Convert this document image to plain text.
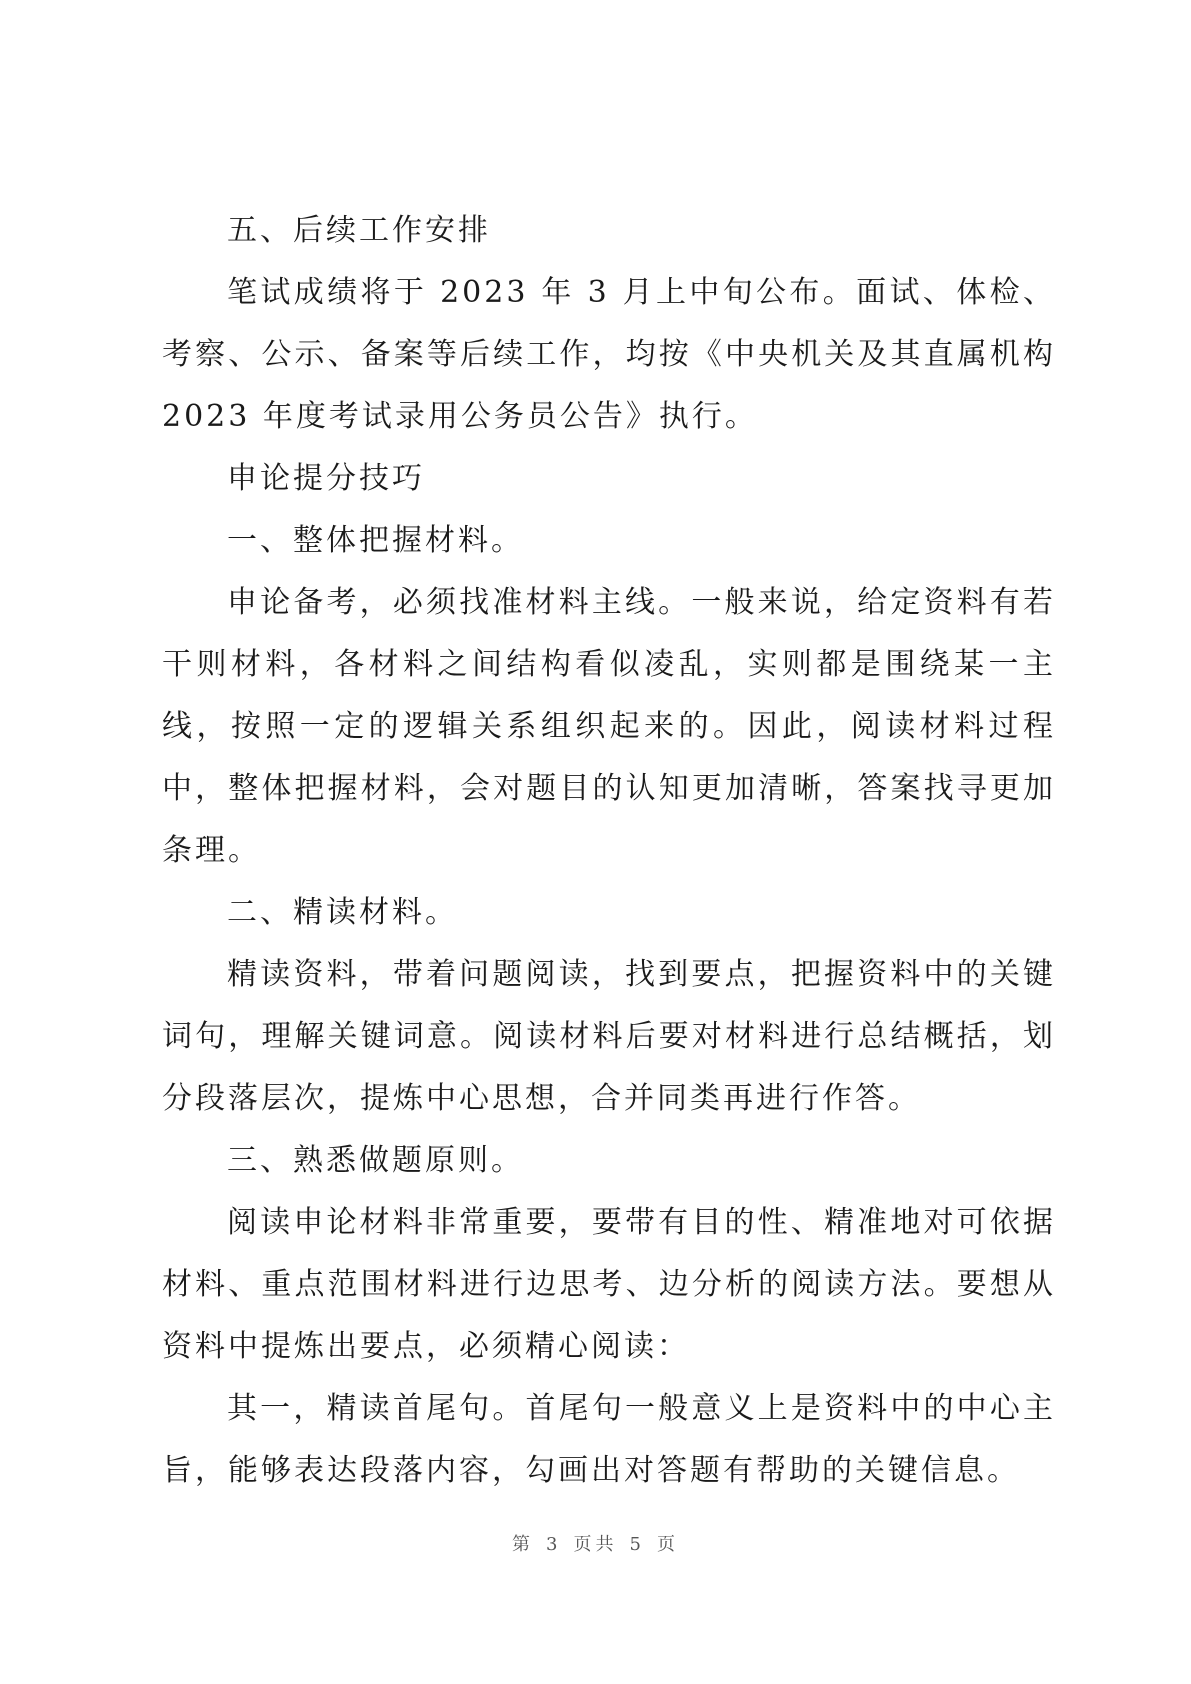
五、后续工作安排

笔试成绩将于 2023 年 3 月上中旬公布。面试、体检、考察、公示、备案等后续工作，均按《中央机关及其直属机构 2023 年度考试录用公务员公告》执行。

申论提分技巧

一、整体把握材料。

申论备考，必须找准材料主线。一般来说，给定资料有若干则材料，各材料之间结构看似凌乱，实则都是围绕某一主线，按照一定的逻辑关系组织起来的。因此，阅读材料过程中，整体把握材料，会对题目的认知更加清晰，答案找寻更加条理。

二、精读材料。

精读资料，带着问题阅读，找到要点，把握资料中的关键词句，理解关键词意。阅读材料后要对材料进行总结概括，划分段落层次，提炼中心思想，合并同类再进行作答。

三、熟悉做题原则。

阅读申论材料非常重要，要带有目的性、精准地对可依据材料、重点范围材料进行边思考、边分析的阅读方法。要想从资料中提炼出要点，必须精心阅读：

其一，精读首尾句。首尾句一般意义上是资料中的中心主旨，能够表达段落内容，勾画出对答题有帮助的关键信息。

第 3 页共 5 页
